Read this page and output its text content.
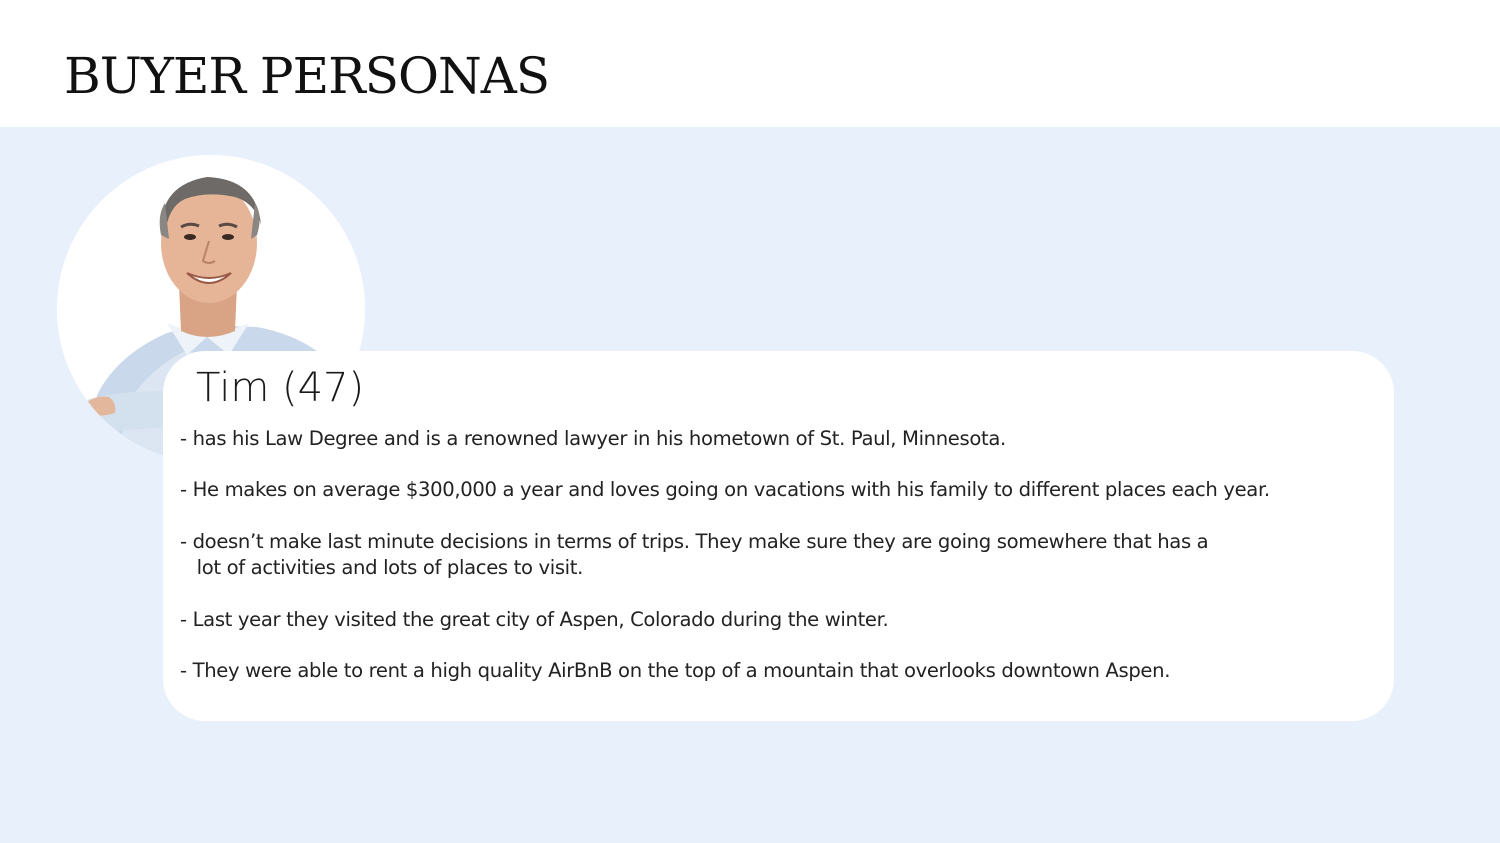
BUYER PERSONAS
Tim (47)

- has his Law Degree and is a renowned lawyer in his hometown of St. Paul, Minnesota.

- He makes on average $300,000 a year and loves going on vacations with his family to different places each year.

- doesn’t make last minute decisions in terms of trips. They make sure they are going somewhere that has a
lot of activities and lots of places to visit.

- Last year they visited the great city of Aspen, Colorado during the winter.

- They were able to rent a high quality AirBnB on the top of a mountain that overlooks downtown Aspen.
